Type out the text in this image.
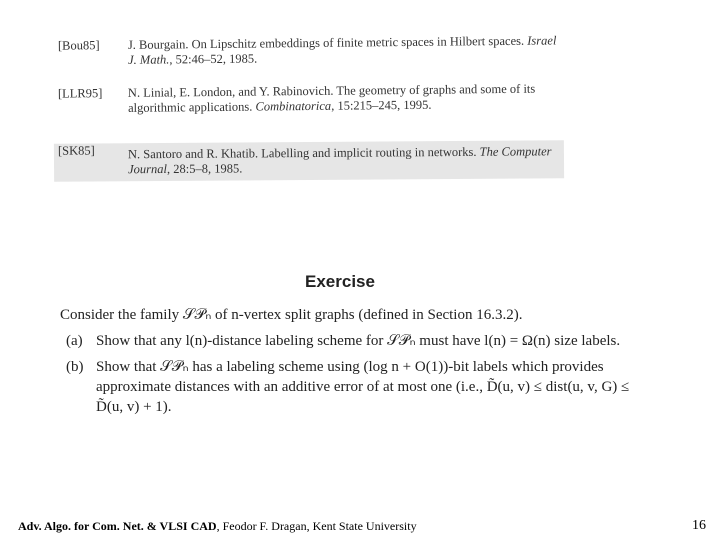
[Bou85] J. Bourgain. On Lipschitz embeddings of finite metric spaces in Hilbert spaces. Israel J. Math., 52:46–52, 1985.
[LLR95] N. Linial, E. London, and Y. Rabinovich. The geometry of graphs and some of its algorithmic applications. Combinatorica, 15:215–245, 1995.
[SK85]	N. Santoro and R. Khatib. Labelling and implicit routing in networks. The Computer Journal, 28:5–8, 1985.
Exercise
Consider the family 𝒮𝒫ₙ of n-vertex split graphs (defined in Section 16.3.2).
(a) Show that any l(n)-distance labeling scheme for 𝒮𝒫ₙ must have l(n) = Ω(n) size labels.
(b) Show that 𝒮𝒫ₙ has a labeling scheme using (log n + O(1))-bit labels which provides approximate distances with an additive error of at most one (i.e., D̃(u, v) ≤ dist(u, v, G) ≤ D̃(u, v) + 1).
Adv. Algo. for Com. Net. & VLSI CAD, Feodor F. Dragan, Kent State University	16
